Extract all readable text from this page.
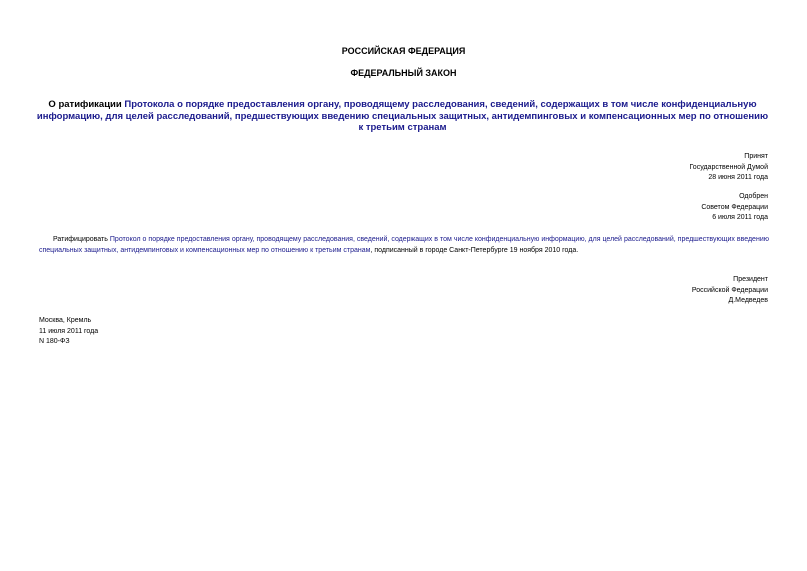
РОССИЙСКАЯ ФЕДЕРАЦИЯ
ФЕДЕРАЛЬНЫЙ ЗАКОН
О ратификации Протокола о порядке предоставления органу, проводящему расследования, сведений, содержащих в том числе конфиденциальную информацию, для целей расследований, предшествующих введению специальных защитных, антидемпинговых и компенсационных мер по отношению к третьим странам
Принят
Государственной Думой
28 июня 2011 года
Одобрен
Советом Федерации
6 июля 2011 года
Ратифицировать Протокол о порядке предоставления органу, проводящему расследования, сведений, содержащих в том числе конфиденциальную информацию, для целей расследований, предшествующих введению специальных защитных, антидемпинговых и компенсационных мер по отношению к третьим странам, подписанный в городе Санкт-Петербурге 19 ноября 2010 года.
Президент
Российской Федерации
Д.Медведев
Москва, Кремль
11 июля 2011 года
N 180-ФЗ
